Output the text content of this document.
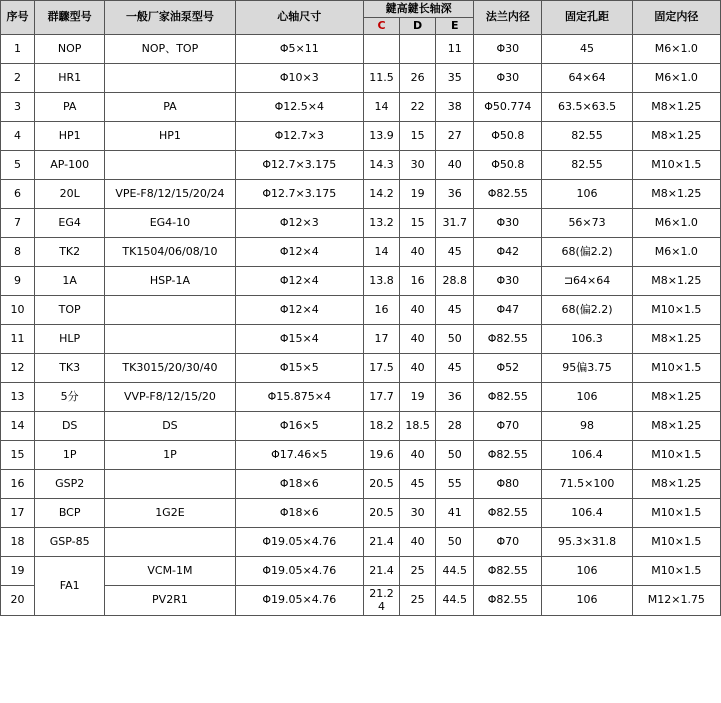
序号	群驟型号	一般厂家油泵型号	心轴尺寸	鍵高鍵长轴深			法兰内径	固定孔距	固定内径
				C	D	E			
1	NOP	NOP、TOP	Φ5×11			11	Φ30	45	M6×1.0
2	HR1		Φ10×3	11.5	26	35	Φ30	64×64	M6×1.0
3	PA	PA	Φ12.5×4	14	22	38	Φ50.774	63.5×63.5	M8×1.25
4	HP1	HP1	Φ12.7×3	13.9	15	27	Φ50.8	82.55	M8×1.25
5	AP-100		Φ12.7×3.175	14.3	30	40	Φ50.8	82.55	M10×1.5
6	20L	VPE-F8/12/15/20/24	Φ12.7×3.175	14.2	19	36	Φ82.55	106	M8×1.25
7	EG4	EG4-10	Φ12×3	13.2	15	31.7	Φ30	56×73	M6×1.0
8	TK2	TK1504/06/08/10	Φ12×4	14	40	45	Φ42	68(偏2.2)	M6×1.0
9	1A	HSP-1A	Φ12×4	13.8	16	28.8	Φ30	⊐64×64	M8×1.25
10	TOP		Φ12×4	16	40	45	Φ47	68(偏2.2)	M10×1.5
11	HLP		Φ15×4	17	40	50	Φ82.55	106.3	M8×1.25
12	TK3	TK3015/20/30/40	Φ15×5	17.5	40	45	Φ52	95偏3.75	M10×1.5
13	5分	VVP-F8/12/15/20	Φ15.875×4	17.7	19	36	Φ82.55	106	M8×1.25
14	DS	DS	Φ16×5	18.2	18.5	28	Φ70	98	M8×1.25
15	1P	1P	Φ17.46×5	19.6	40	50	Φ82.55	106.4	M10×1.5
16	GSP2		Φ18×6	20.5	45	55	Φ80	71.5×100	M8×1.25
17	BCP	1G2E	Φ18×6	20.5	30	41	Φ82.55	106.4	M10×1.5
18	GSP-85		Φ19.05×4.76	21.4	40	50	Φ70	95.3×31.8	M10×1.5
19	FA1	VCM-1M	Φ19.05×4.76	21.4	25	44.5	Φ82.55	106	M10×1.5
20		PV2R1	Φ19.05×4.76	21.24	25	44.5	Φ82.55	106	M12×1.75
